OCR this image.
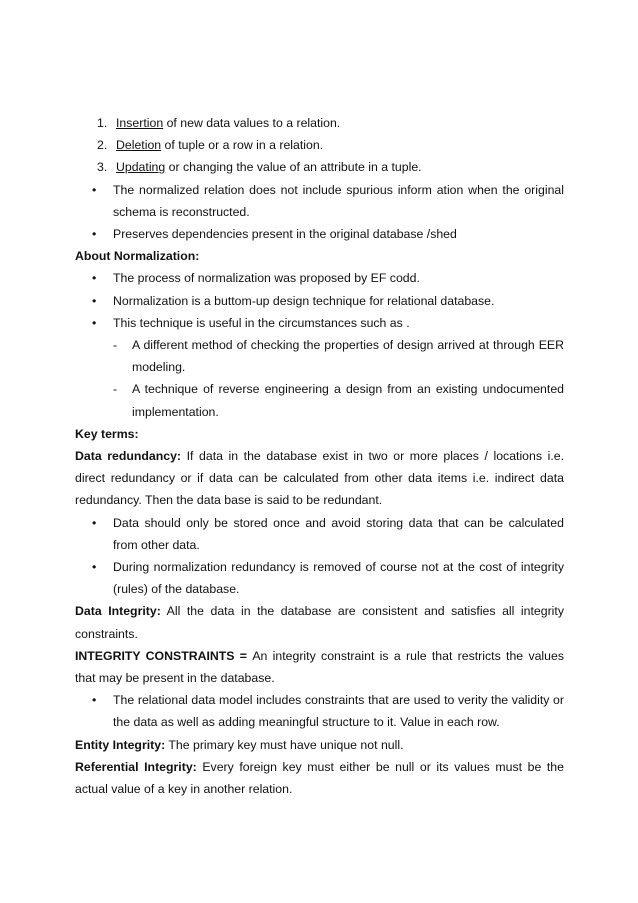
1. Insertion of new data values to a relation.
2. Deletion of tuple or a row in a relation.
3. Updating or changing the value of an attribute in a tuple.
• The normalized relation does not include spurious inform ation when the original schema is reconstructed.
• Preserves dependencies present in the original database /shed
About Normalization:
• The process of normalization was proposed by EF codd.
• Normalization is a buttom-up design technique for relational database.
• This technique is useful in the circumstances such as .
- A different method of checking the properties of design arrived at through EER modeling.
- A technique of reverse engineering a design from an existing undocumented implementation.
Key terms:
Data redundancy: If data in the database exist in two or more places / locations i.e. direct redundancy or if data can be calculated from other data items i.e. indirect data redundancy. Then the data base is said to be redundant.
• Data should only be stored once and avoid storing data that can be calculated from other data.
• During normalization redundancy is removed of course not at the cost of integrity (rules) of the database.
Data Integrity: All the data in the database are consistent and satisfies all integrity constraints.
INTEGRITY CONSTRAINTS = An integrity constraint is a rule that restricts the values that may be present in the database.
• The relational data model includes constraints that are used to verity the validity or the data as well as adding meaningful structure to it. Value in each row.
Entity Integrity: The primary key must have unique not null.
Referential Integrity: Every foreign key must either be null or its values must be the actual value of a key in another relation.
